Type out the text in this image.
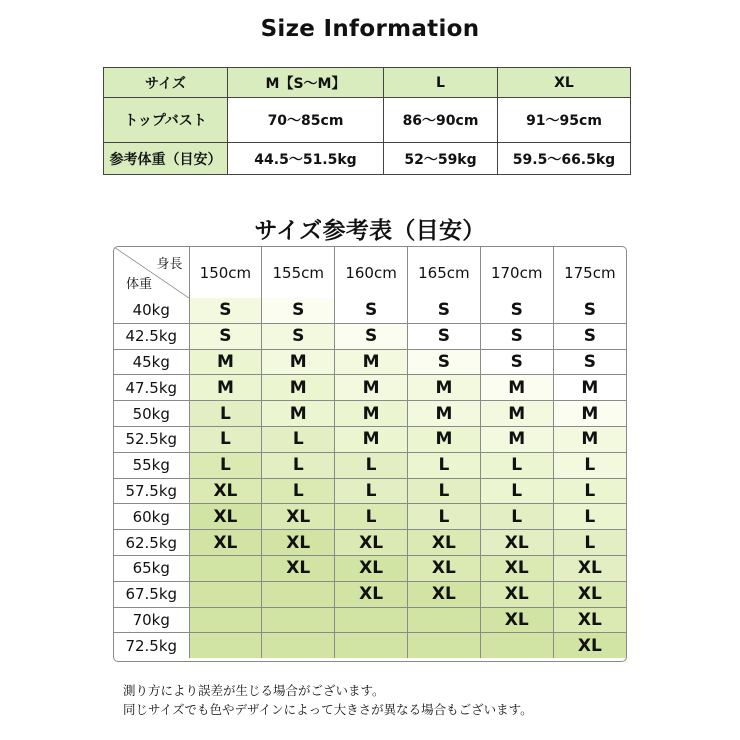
Size Information
サイズ	M【S〜M】	L	XL
トップバスト	70〜85cm	86〜90cm	91〜95cm
参考体重（目安）	44.5〜51.5kg	52〜59kg	59.5〜66.5kg
サイズ参考表（目安）
身長
体重	150cm	155cm	160cm	165cm	170cm	175cm
40kg	S	S	S	S	S	S
42.5kg	S	S	S	S	S	S
45kg	M	M	M	S	S	S
47.5kg	M	M	M	M	M	M
50kg	L	M	M	M	M	M
52.5kg	L	L	M	M	M	M
55kg	L	L	L	L	L	L
57.5kg	XL	L	L	L	L	L
60kg	XL	XL	L	L	L	L
62.5kg	XL	XL	XL	XL	XL	L
65kg		XL	XL	XL	XL	XL
67.5kg			XL	XL	XL	XL
70kg					XL	XL
72.5kg						XL
測り方により誤差が生じる場合がございます。
同じサイズでも色やデザインによって大きさが異なる場合もございます。
